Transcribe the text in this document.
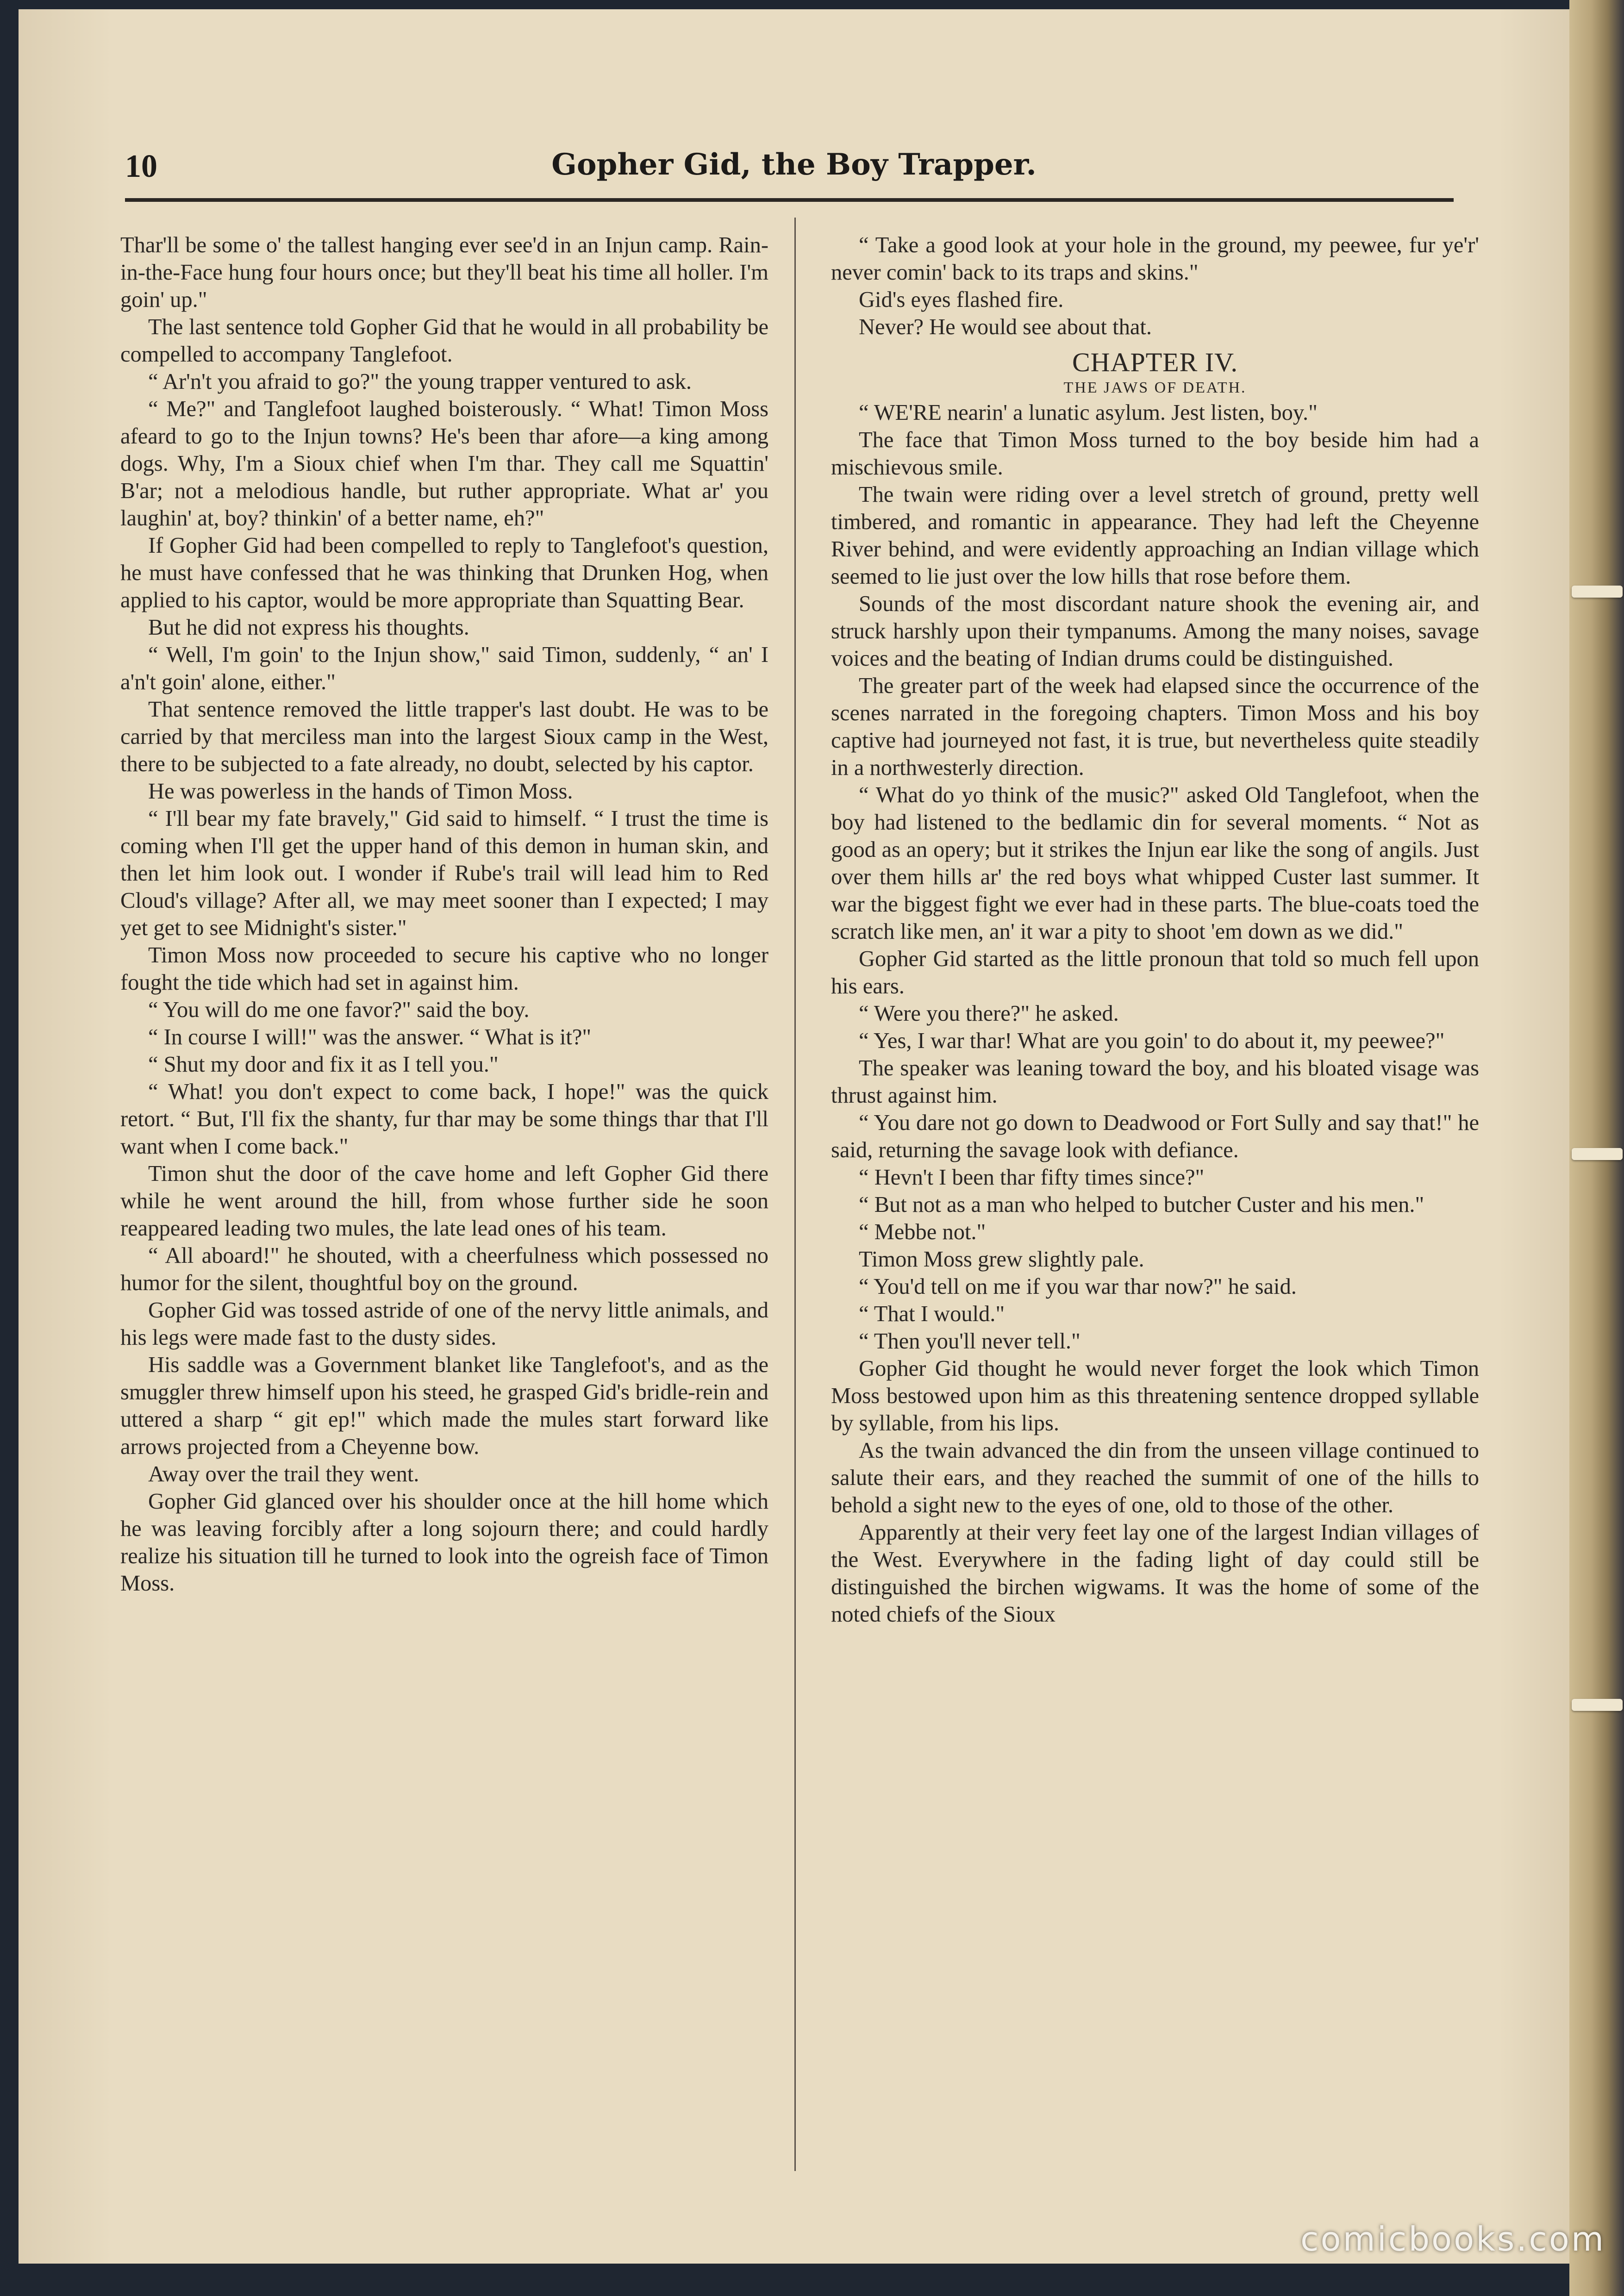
10	Gopher Gid, the Boy Trapper.

Thar'll be some o' the tallest hanging ever see'd in an Injun camp. Rain-in-the-Face hung four hours once; but they'll beat his time all holler. I'm goin' up."

The last sentence told Gopher Gid that he would in all probability be compelled to accompany Tanglefoot.

“ Ar'n't you afraid to go?" the young trapper ventured to ask.

“ Me?" and Tanglefoot laughed boisterously. “ What! Timon Moss afeard to go to the Injun towns? He's been thar afore—a king among dogs. Why, I'm a Sioux chief when I'm thar. They call me Squattin' B'ar; not a melodious handle, but ruther appropriate. What ar' you laughin' at, boy? thinkin' of a better name, eh?"

If Gopher Gid had been compelled to reply to Tanglefoot's question, he must have confessed that he was thinking that Drunken Hog, when applied to his captor, would be more appropriate than Squatting Bear.

But he did not express his thoughts.

“ Well, I'm goin' to the Injun show," said Timon, suddenly, “ an' I a'n't goin' alone, either."

That sentence removed the little trapper's last doubt. He was to be carried by that merciless man into the largest Sioux camp in the West, there to be subjected to a fate already, no doubt, selected by his captor.

He was powerless in the hands of Timon Moss.

“ I'll bear my fate bravely," Gid said to himself. “ I trust the time is coming when I'll get the upper hand of this demon in human skin, and then let him look out. I wonder if Rube's trail will lead him to Red Cloud's village? After all, we may meet sooner than I expected; I may yet get to see Midnight's sister."

Timon Moss now proceeded to secure his captive who no longer fought the tide which had set in against him.

“ You will do me one favor?" said the boy.

“ In course I will!" was the answer. “ What is it?"

“ Shut my door and fix it as I tell you."

“ What! you don't expect to come back, I hope!" was the quick retort. “ But, I'll fix the shanty, fur thar may be some things thar that I'll want when I come back."

Timon shut the door of the cave home and left Gopher Gid there while he went around the hill, from whose further side he soon reappeared leading two mules, the late lead ones of his team.

“ All aboard!" he shouted, with a cheerfulness which possessed no humor for the silent, thoughtful boy on the ground.

Gopher Gid was tossed astride of one of the nervy little animals, and his legs were made fast to the dusty sides.

His saddle was a Government blanket like Tanglefoot's, and as the smuggler threw himself upon his steed, he grasped Gid's bridle-rein and uttered a sharp “ git ep!" which made the mules start forward like arrows projected from a Cheyenne bow.

Away over the trail they went.

Gopher Gid glanced over his shoulder once at the hill home which he was leaving forcibly after a long sojourn there; and could hardly realize his situation till he turned to look into the ogreish face of Timon Moss.

“ Take a good look at your hole in the ground, my peewee, fur ye'r' never comin' back to its traps and skins."

Gid's eyes flashed fire.

Never? He would see about that.

CHAPTER IV.
THE JAWS OF DEATH.

“ WE'RE nearin' a lunatic asylum. Jest listen, boy."

The face that Timon Moss turned to the boy beside him had a mischievous smile.

The twain were riding over a level stretch of ground, pretty well timbered, and romantic in appearance. They had left the Cheyenne River behind, and were evidently approaching an Indian village which seemed to lie just over the low hills that rose before them.

Sounds of the most discordant nature shook the evening air, and struck harshly upon their tympanums. Among the many noises, savage voices and the beating of Indian drums could be distinguished.

The greater part of the week had elapsed since the occurrence of the scenes narrated in the foregoing chapters. Timon Moss and his boy captive had journeyed not fast, it is true, but nevertheless quite steadily in a northwesterly direction.

“ What do yo think of the music?" asked Old Tanglefoot, when the boy had listened to the bedlamic din for several moments. “ Not as good as an opery; but it strikes the Injun ear like the song of angils. Just over them hills ar' the red boys what whipped Custer last summer. It war the biggest fight we ever had in these parts. The blue-coats toed the scratch like men, an' it war a pity to shoot 'em down as we did."

Gopher Gid started as the little pronoun that told so much fell upon his ears.

“ Were you there?" he asked.

“ Yes, I war thar! What are you goin' to do about it, my peewee?"

The speaker was leaning toward the boy, and his bloated visage was thrust against him.

“ You dare not go down to Deadwood or Fort Sully and say that!" he said, returning the savage look with defiance.

“ Hevn't I been thar fifty times since?"

“ But not as a man who helped to butcher Custer and his men."

“ Mebbe not."

Timon Moss grew slightly pale.

“ You'd tell on me if you war thar now?" he said.

“ That I would."

“ Then you'll never tell."

Gopher Gid thought he would never forget the look which Timon Moss bestowed upon him as this threatening sentence dropped syllable by syllable, from his lips.

As the twain advanced the din from the unseen village continued to salute their ears, and they reached the summit of one of the hills to behold a sight new to the eyes of one, old to those of the other.

Apparently at their very feet lay one of the largest Indian villages of the West. Everywhere in the fading light of day could still be distinguished the birchen wigwams. It was the home of some of the noted chiefs of the Sioux

comicbooks.com
